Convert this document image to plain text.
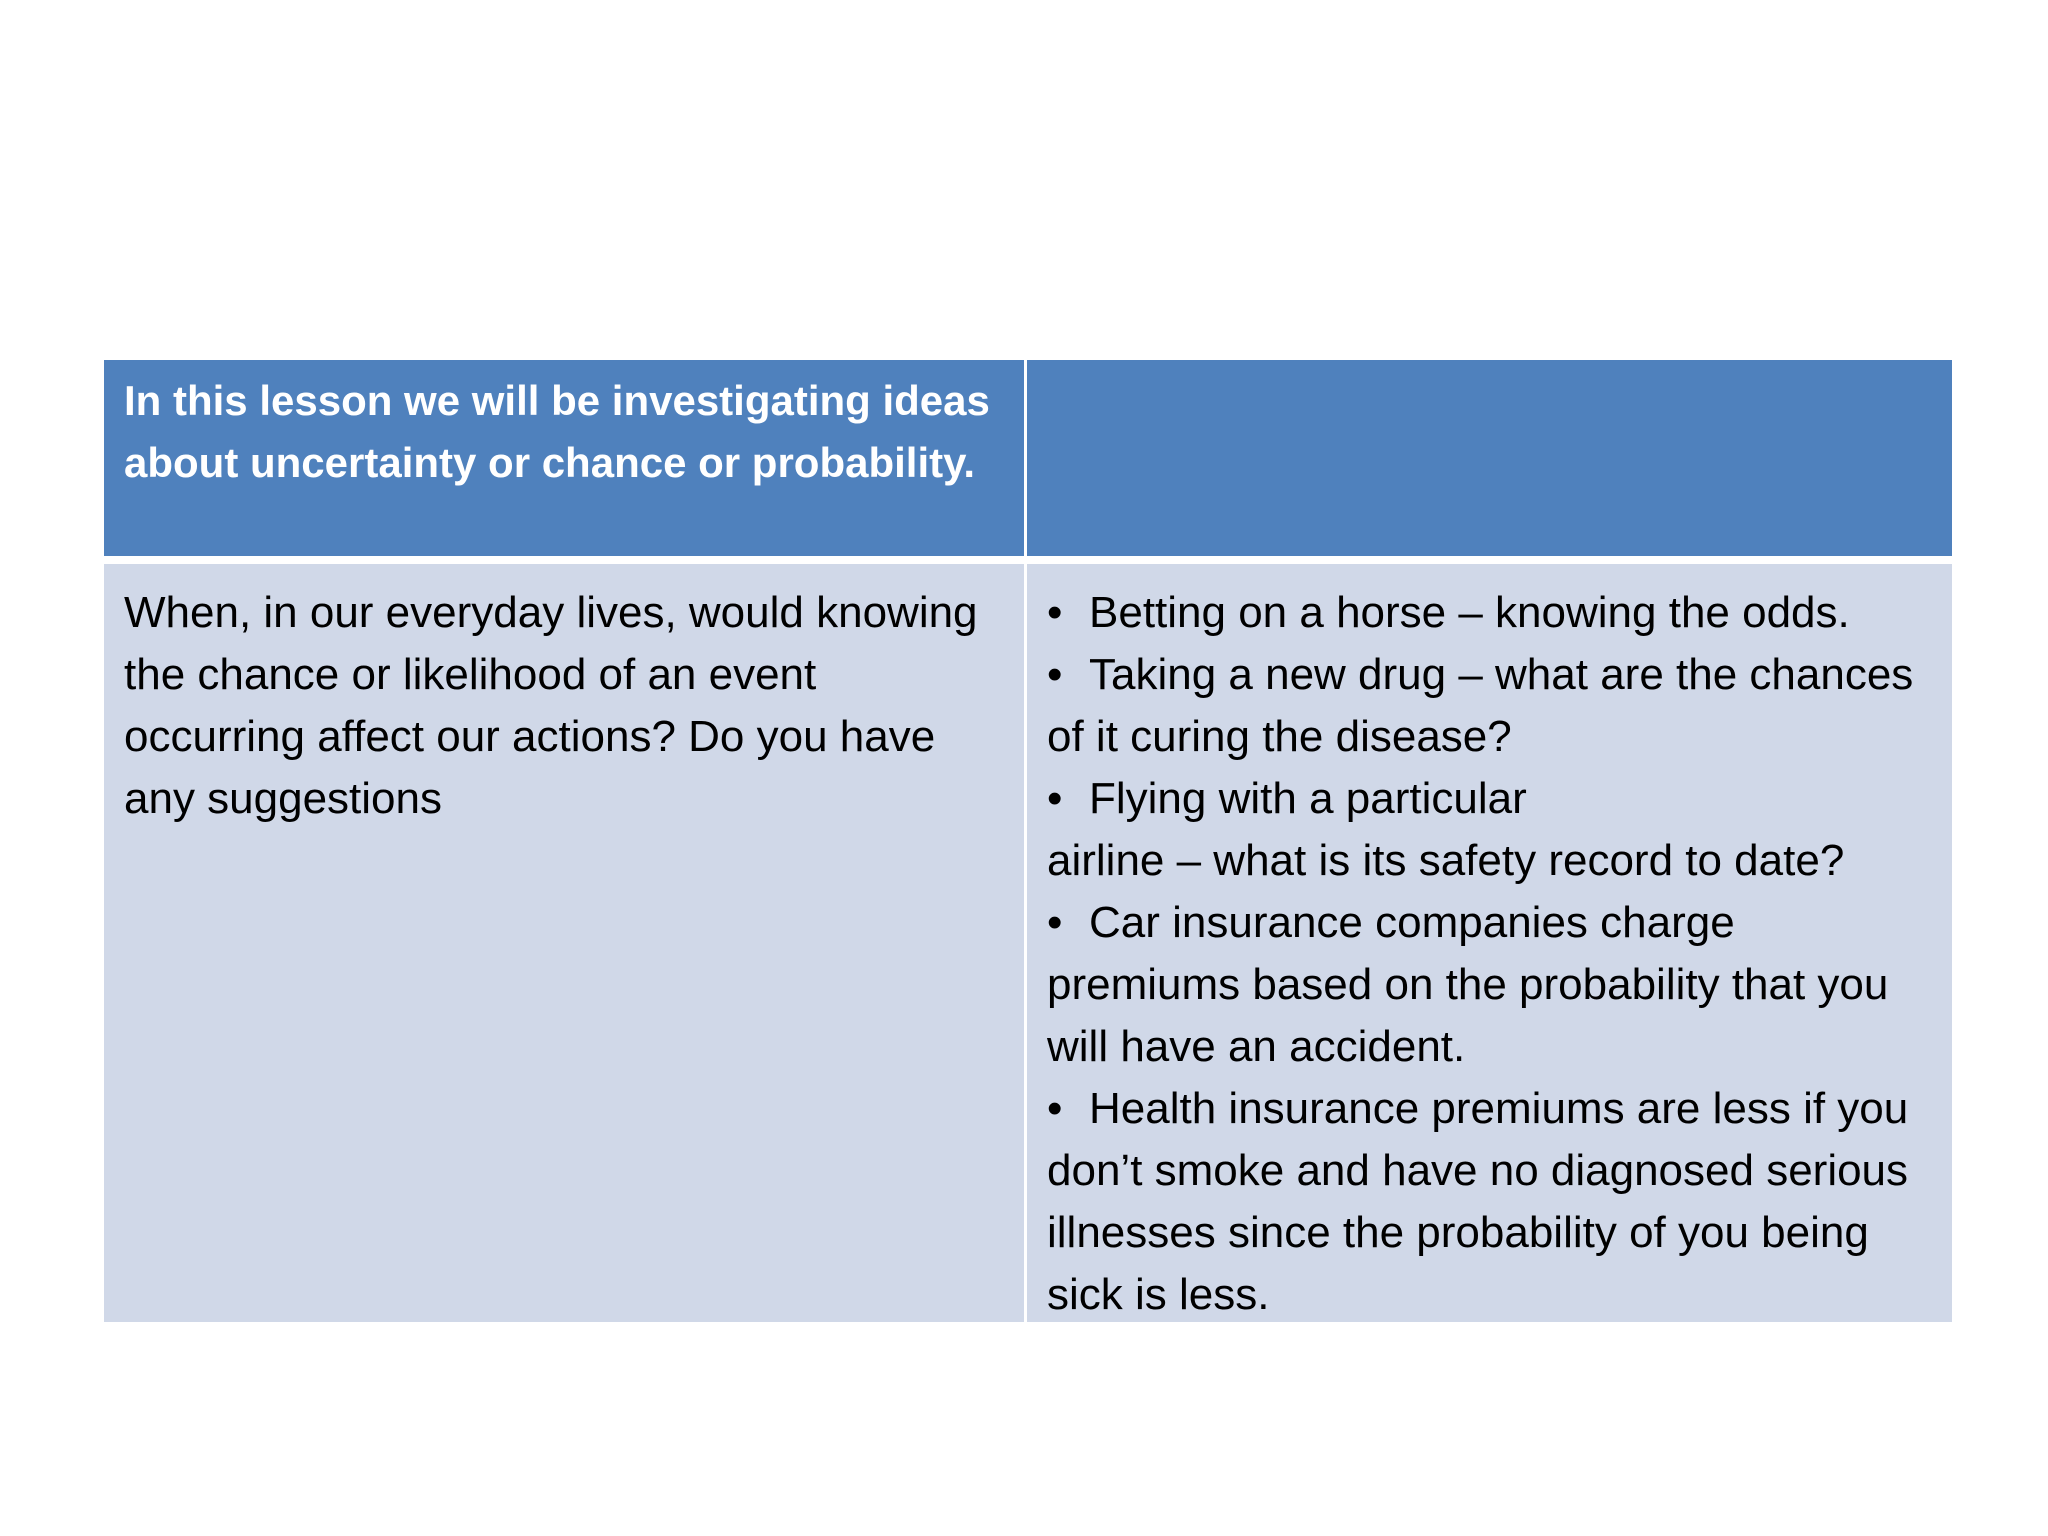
In this lesson we will be investigating ideas about uncertainty or chance or probability.
When, in our everyday lives, would knowing the chance or likelihood of an event occurring affect our actions? Do you have any suggestions
• Betting on a horse – knowing the odds.
• Taking a new drug – what are the chances of it curing the disease?
• Flying with a particular
airline – what is its safety record to date?
• Car insurance companies charge premiums based on the probability that you will have an accident.
• Health insurance premiums are less if you don’t smoke and have no diagnosed serious illnesses since the probability of you being sick is less.
